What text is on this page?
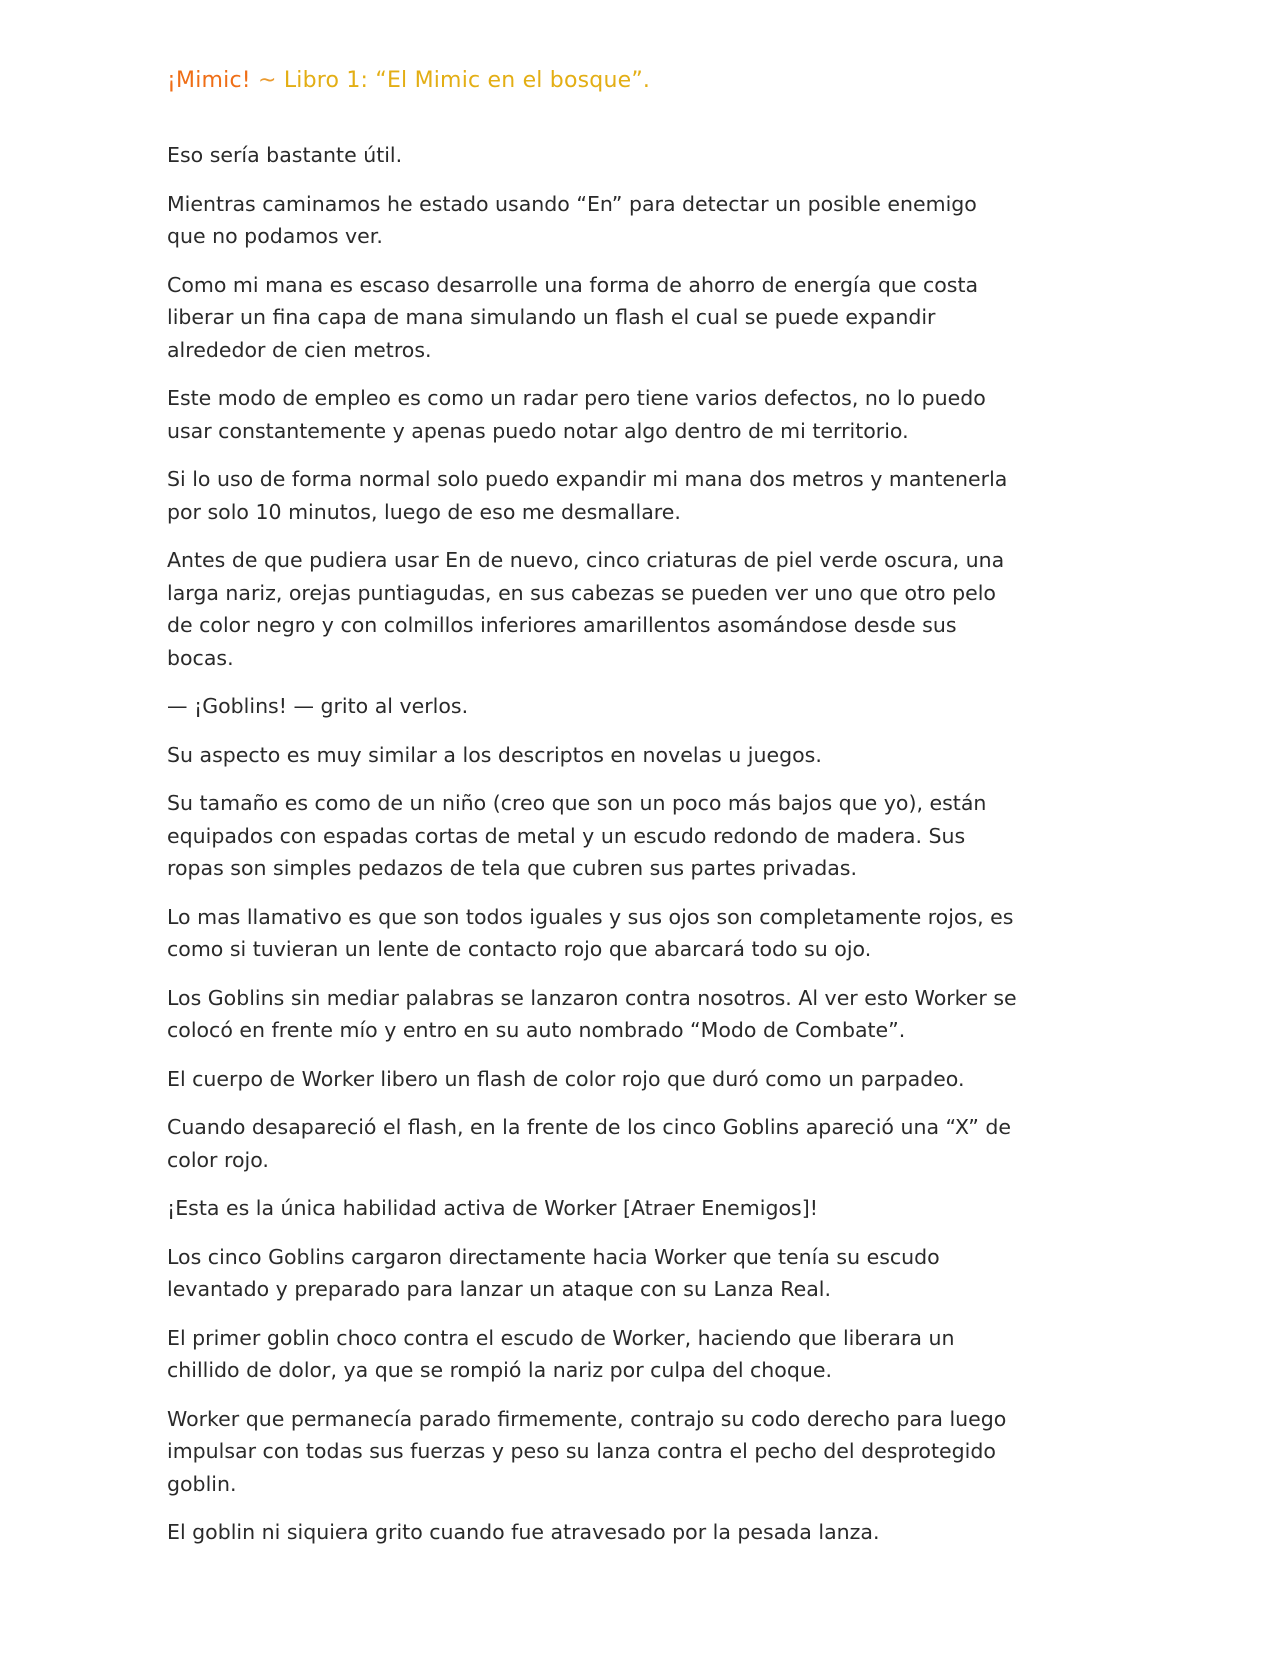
¡Mimic! ~ Libro 1: “El Mimic en el bosque”.

Eso sería bastante útil.

Mientras caminamos he estado usando “En” para detectar un posible enemigo que no podamos ver.

Como mi mana es escaso desarrolle una forma de ahorro de energía que costa liberar un fina capa de mana simulando un flash el cual se puede expandir alrededor de cien metros.

Este modo de empleo es como un radar pero tiene varios defectos, no lo puedo usar constantemente y apenas puedo notar algo dentro de mi territorio.

Si lo uso de forma normal solo puedo expandir mi mana dos metros y mantenerla por solo 10 minutos, luego de eso me desmallare.

Antes de que pudiera usar En de nuevo, cinco criaturas de piel verde oscura, una larga nariz, orejas puntiagudas, en sus cabezas se pueden ver uno que otro pelo de color negro y con colmillos inferiores amarillentos asomándose desde sus bocas.

— ¡Goblins! — grito al verlos.

Su aspecto es muy similar a los descriptos en novelas u juegos.

Su tamaño es como de un niño (creo que son un poco más bajos que yo), están equipados con espadas cortas de metal y un escudo redondo de madera. Sus ropas son simples pedazos de tela que cubren sus partes privadas.

Lo mas llamativo es que son todos iguales y sus ojos son completamente rojos, es como si tuvieran un lente de contacto rojo que abarcará todo su ojo.

Los Goblins sin mediar palabras se lanzaron contra nosotros. Al ver esto Worker se colocó en frente mío y entro en su auto nombrado “Modo de Combate”.

El cuerpo de Worker libero un flash de color rojo que duró como un parpadeo.

Cuando desapareció el flash, en la frente de los cinco Goblins apareció una “X” de color rojo.

¡Esta es la única habilidad activa de Worker [Atraer Enemigos]!

Los cinco Goblins cargaron directamente hacia Worker que tenía su escudo levantado y preparado para lanzar un ataque con su Lanza Real.

El primer goblin choco contra el escudo de Worker, haciendo que liberara un chillido de dolor, ya que se rompió la nariz por culpa del choque.

Worker que permanecía parado firmemente, contrajo su codo derecho para luego impulsar con todas sus fuerzas y peso su lanza contra el pecho del desprotegido goblin.

El goblin ni siquiera grito cuando fue atravesado por la pesada lanza.
